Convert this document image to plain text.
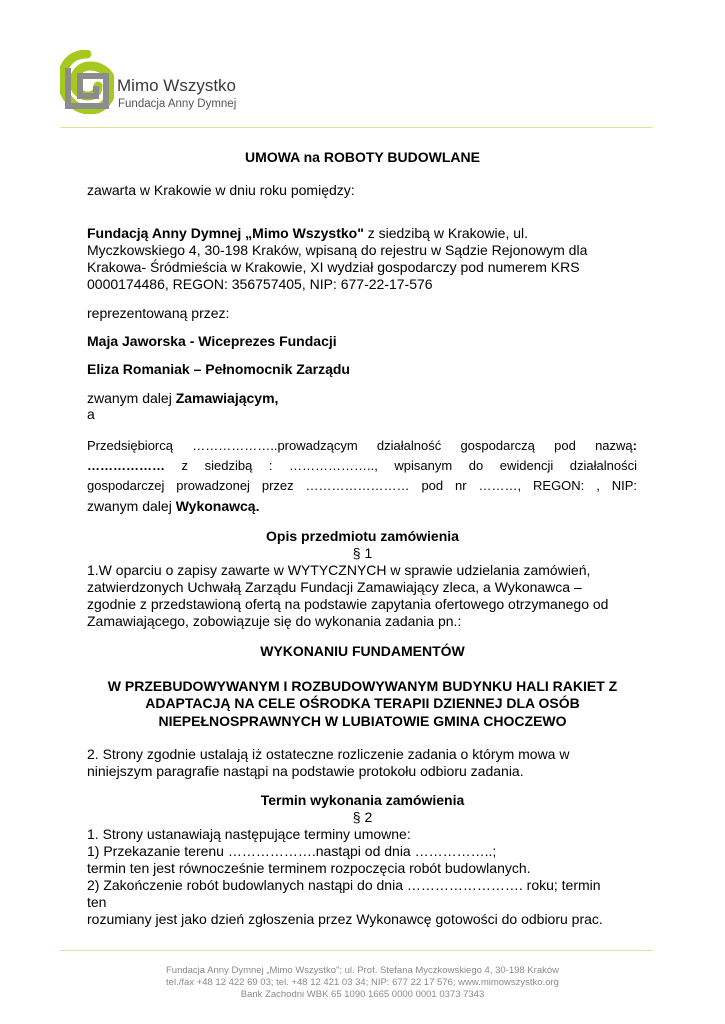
Mimo Wszystko
Fundacja Anny Dymnej
UMOWA na ROBOTY BUDOWLANE
zawarta w Krakowie w dniu roku pomiędzy:
Fundacją Anny Dymnej „Mimo Wszystko" z siedzibą w Krakowie, ul.
Myczkowskiego 4, 30-198 Kraków, wpisaną do rejestru w Sądzie Rejonowym dla
Krakowa- Śródmieścia w Krakowie, XI wydział gospodarczy pod numerem KRS
0000174486, REGON: 356757405, NIP: 677-22-17-576
reprezentowaną przez:
Maja Jaworska - Wiceprezes Fundacji
Eliza Romaniak – Pełnomocnik Zarządu
zwanym dalej Zamawiającym,
a
Przedsiębiorcą ………………..prowadzącym działalność gospodarczą pod nazwą:
……………… z siedzibą : ……………….., wpisanym do ewidencji działalności
gospodarczej prowadzonej przez …………………… pod nr ………, REGON: , NIP:
zwanym dalej Wykonawcą.
Opis przedmiotu zamówienia
§ 1
1.W oparciu o zapisy zawarte w WYTYCZNYCH w sprawie udzielania zamówień,
zatwierdzonych Uchwałą Zarządu Fundacji Zamawiający zleca, a Wykonawca –
zgodnie z przedstawioną ofertą na podstawie zapytania ofertowego otrzymanego od
Zamawiającego, zobowiązuje się do wykonania zadania pn.:
WYKONANIU FUNDAMENTÓW
W PRZEBUDOWYWANYM I ROZBUDOWYWANYM BUDYNKU HALI RAKIET Z
ADAPTACJĄ NA CELE OŚRODKA TERAPII DZIENNEJ DLA OSÓB
NIEPEŁNOSPRAWNYCH W LUBIATOWIE GMINA CHOCZEWO
2. Strony zgodnie ustalają iż ostateczne rozliczenie zadania o którym mowa w
niniejszym paragrafie nastąpi na podstawie protokołu odbioru zadania.
Termin wykonania zamówienia
§ 2
1. Strony ustanawiają następujące terminy umowne:
1) Przekazanie terenu ……………….nastąpi od dnia ……………..;
termin ten jest równocześnie terminem rozpoczęcia robót budowlanych.
2) Zakończenie robót budowlanych nastąpi do dnia ……………………. roku; termin
ten
rozumiany jest jako dzień zgłoszenia przez Wykonawcę gotowości do odbioru prac.
Fundacja Anny Dymnej „Mimo Wszystko"; ul. Prof. Stefana Myczkowskiego 4, 30-198 Kraków
tel./fax +48 12 422 69 03; tel. +48 12 421 03 34; NIP: 677 22 17 576; www.mimowszystko.org
Bank Zachodni WBK 65 1090 1665 0000 0001 0373 7343
